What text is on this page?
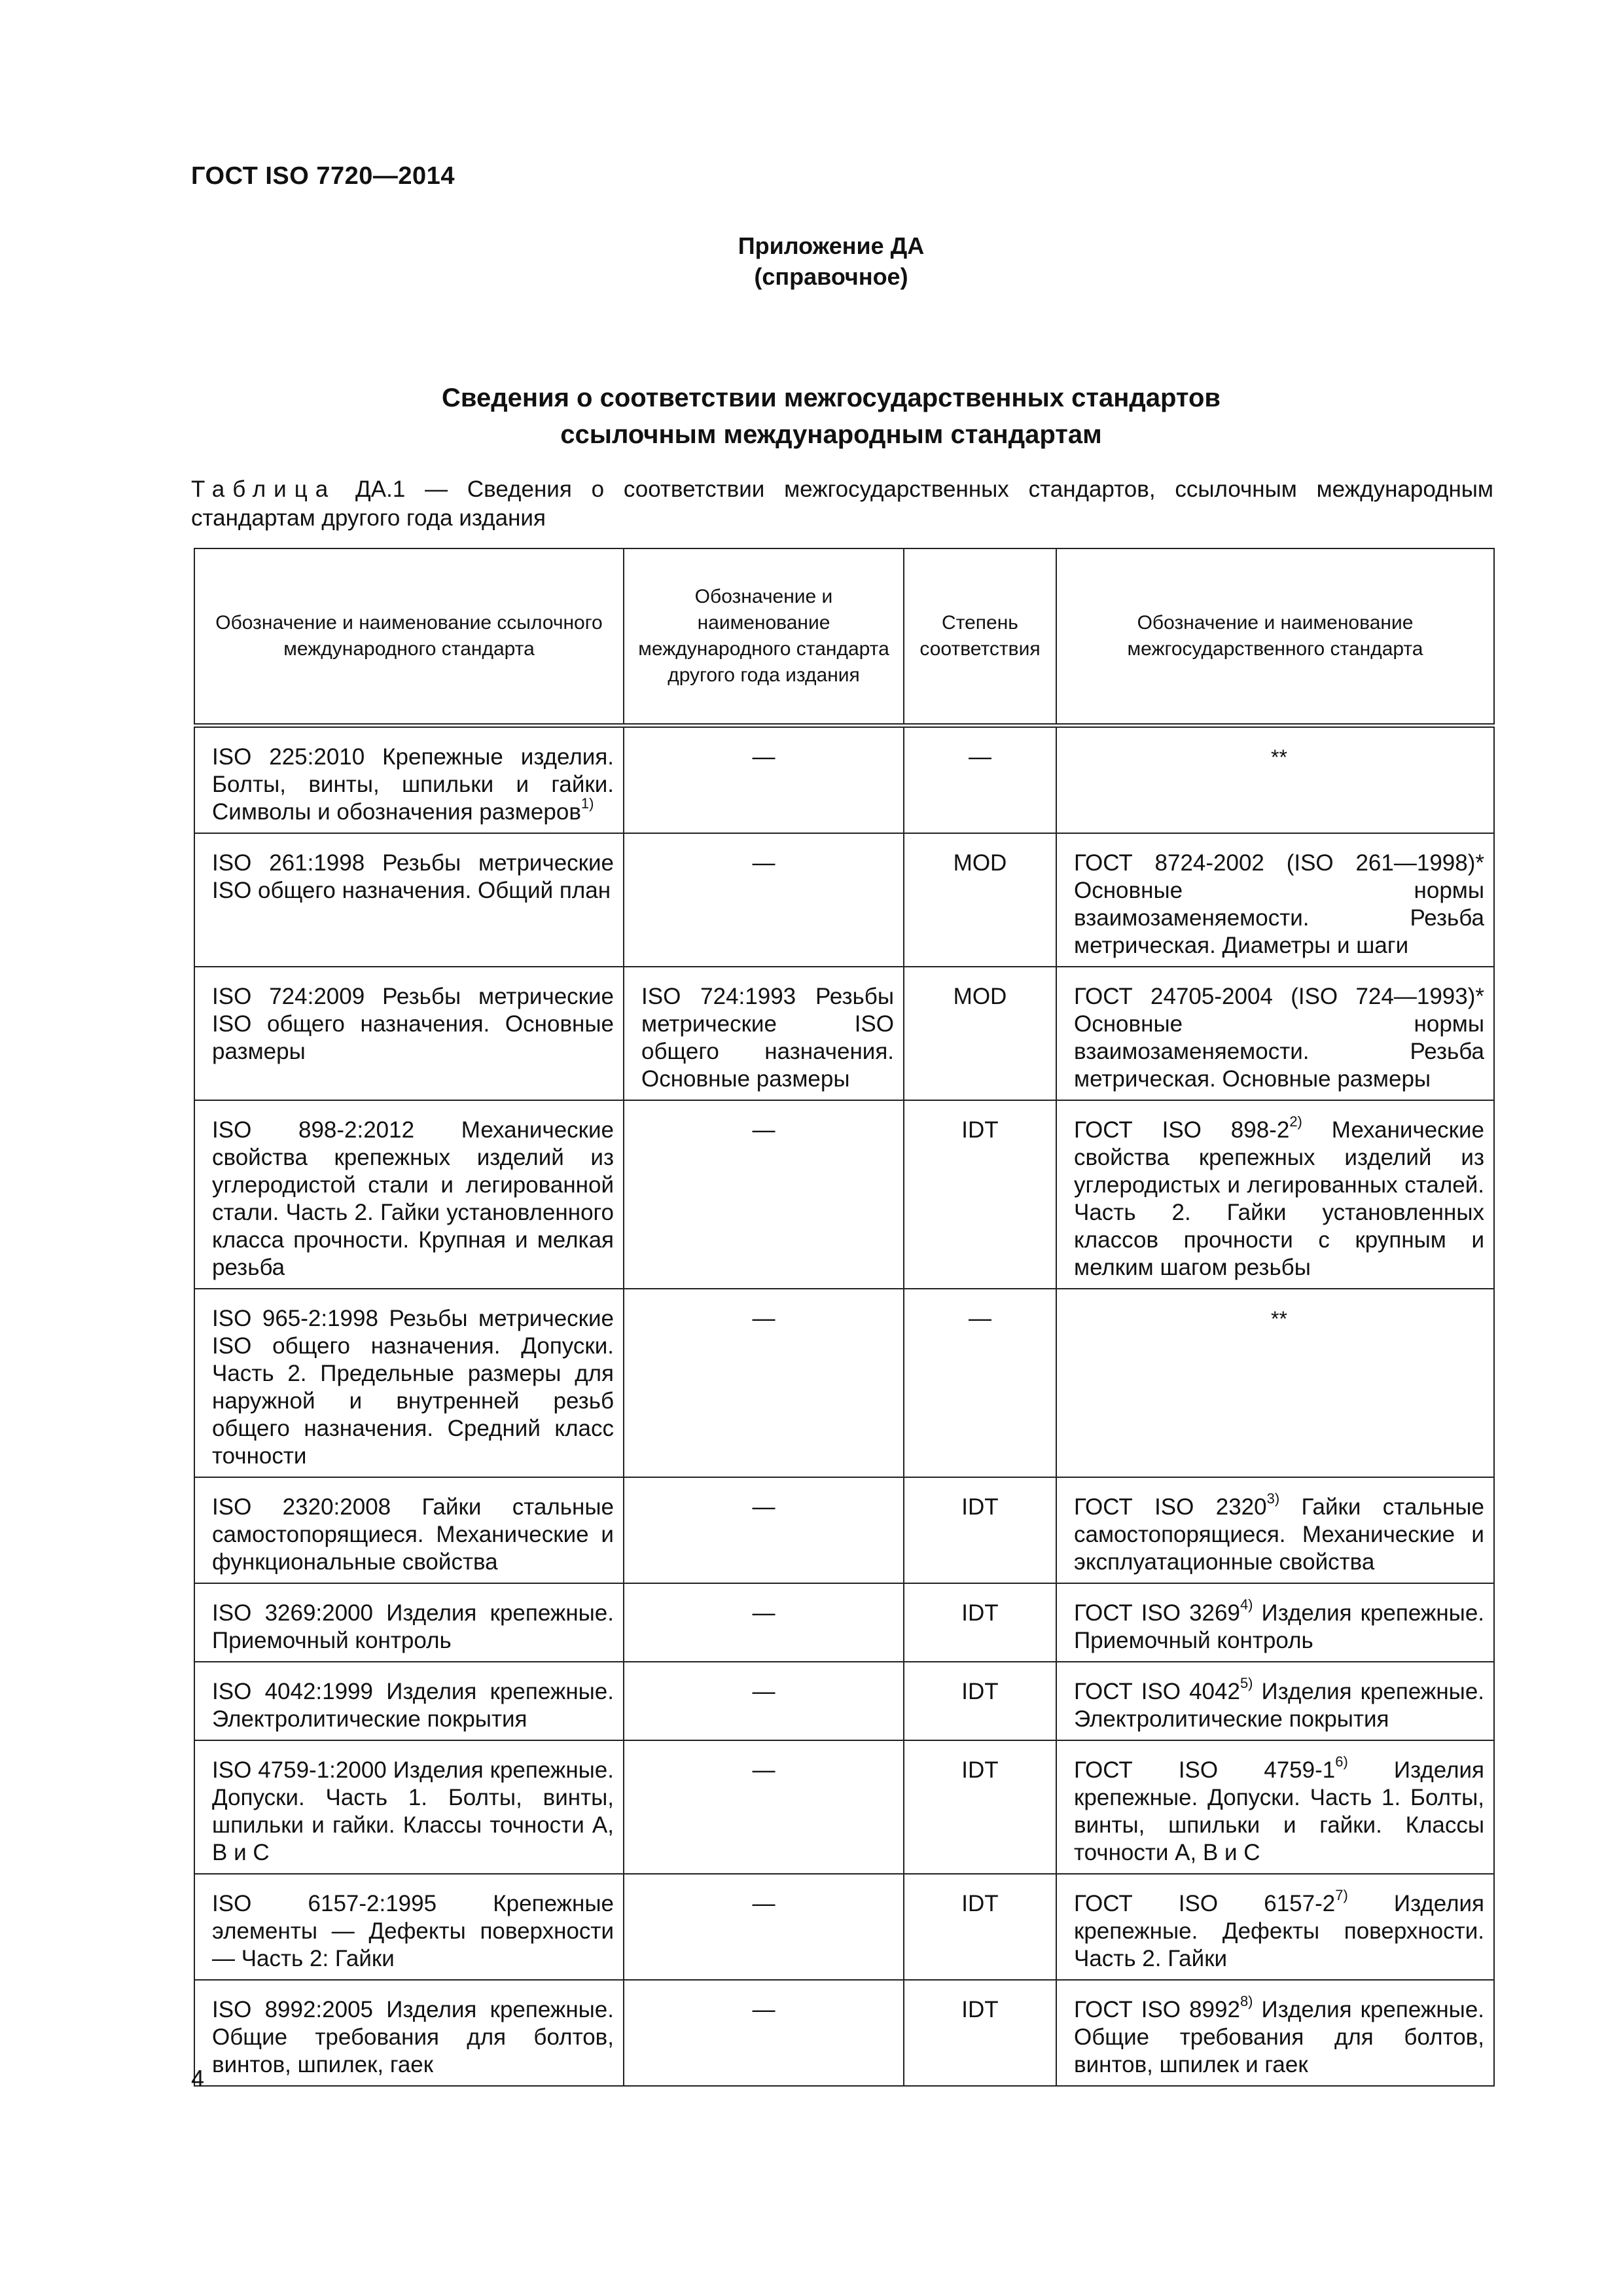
ГОСТ ISO 7720—2014
Приложение ДА
(справочное)
Сведения о соответствии межгосударственных стандартов
ссылочным международным стандартам
Таблица ДА.1 — Сведения о соответствии межгосударственных стандартов, ссылочным международным стандартам другого года издания
Обозначение и наименование ссылочного международного стандарта	Обозначение и наименование международного стандарта другого года издания	Степень соответствия	Обозначение и наименование межгосударственного стандарта
ISO 225:2010 Крепежные изделия. Болты, винты, шпильки и гайки. Символы и обозначения размеров$^{1)}$	—	—	**
ISO 261:1998 Резьбы метрические ISO общего назначения. Общий план	—	MOD	ГОСТ 8724-2002 (ISO 261—1998)* Основные нормы взаимозаменяемости. Резьба метрическая. Диаметры и шаги
ISO 724:2009 Резьбы метрические ISO общего назначения. Основные размеры	ISO 724:1993 Резьбы метрические ISO общего назначения. Основные размеры	MOD	ГОСТ 24705-2004 (ISO 724—1993)* Основные нормы взаимозаменяемости. Резьба метрическая. Основные размеры
ISO 898-2:2012 Механические свойства крепежных изделий из углеродистой стали и легированной стали. Часть 2. Гайки установленного класса прочности. Крупная и мелкая резьба	—	IDT	ГОСТ ISO 898-2$^{2)}$ Механические свойства крепежных изделий из углеродистых и легированных сталей. Часть 2. Гайки установленных классов прочности с крупным и мелким шагом резьбы
ISO 965-2:1998 Резьбы метрические ISO общего назначения. Допуски. Часть 2. Предельные размеры для наружной и внутренней резьб общего назначения. Средний класс точности	—	—	**
ISO 2320:2008 Гайки стальные самостопорящиеся. Механические и функциональные свойства	—	IDT	ГОСТ ISO 2320$^{3)}$ Гайки стальные самостопорящиеся. Механические и эксплуатационные свойства
ISO 3269:2000 Изделия крепежные. Приемочный контроль	—	IDT	ГОСТ ISO 3269$^{4)}$ Изделия крепежные. Приемочный контроль
ISO 4042:1999 Изделия крепежные. Электролитические покрытия	—	IDT	ГОСТ ISO 4042$^{5)}$ Изделия крепежные. Электролитические покрытия
ISO 4759-1:2000 Изделия крепежные. Допуски. Часть 1. Болты, винты, шпильки и гайки. Классы точности A, B и C	—	IDT	ГОСТ ISO 4759-1$^{6)}$ Изделия крепежные. Допуски. Часть 1. Болты, винты, шпильки и гайки. Классы точности A, B и C
ISO 6157-2:1995 Крепежные элементы — Дефекты поверхности — Часть 2: Гайки	—	IDT	ГОСТ ISO 6157-2$^{7)}$ Изделия крепежные. Дефекты поверхности. Часть 2. Гайки
ISO 8992:2005 Изделия крепежные. Общие требования для болтов, винтов, шпилек, гаек	—	IDT	ГОСТ ISO 8992$^{8)}$ Изделия крепежные. Общие требования для болтов, винтов, шпилек и гаек
4
